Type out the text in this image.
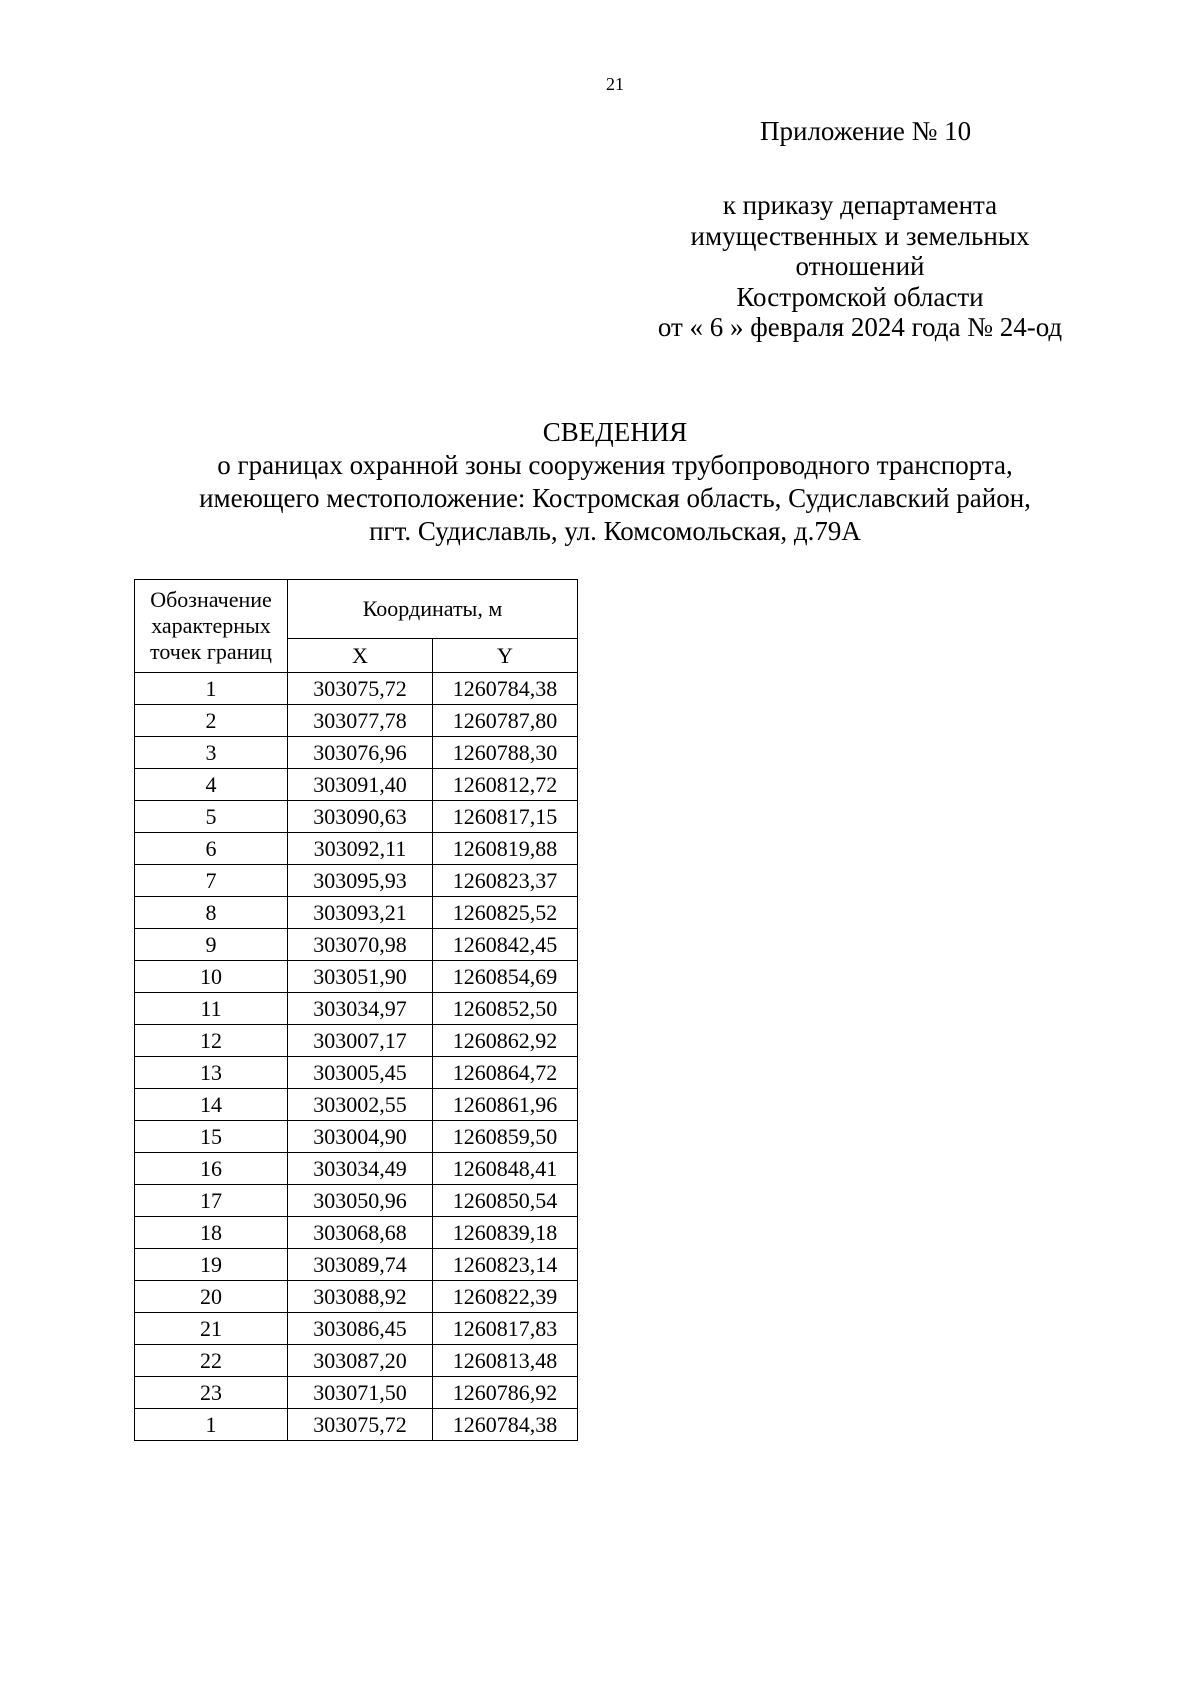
21
Приложение № 10
к приказу департамента
имущественных и земельных
отношений
Костромской области
от « 6 » февраля 2024 года № 24-од
СВЕДЕНИЯ
о границах охранной зоны сооружения трубопроводного транспорта,
имеющего местоположение: Костромская область, Судиславский район,
пгт. Судиславль, ул. Комсомольская, д.79А
Обозначение
характерных
точек границ	Координаты, м	
	X	Y
1	303075,72	1260784,38
2	303077,78	1260787,80
3	303076,96	1260788,30
4	303091,40	1260812,72
5	303090,63	1260817,15
6	303092,11	1260819,88
7	303095,93	1260823,37
8	303093,21	1260825,52
9	303070,98	1260842,45
10	303051,90	1260854,69
11	303034,97	1260852,50
12	303007,17	1260862,92
13	303005,45	1260864,72
14	303002,55	1260861,96
15	303004,90	1260859,50
16	303034,49	1260848,41
17	303050,96	1260850,54
18	303068,68	1260839,18
19	303089,74	1260823,14
20	303088,92	1260822,39
21	303086,45	1260817,83
22	303087,20	1260813,48
23	303071,50	1260786,92
1	303075,72	1260784,38
